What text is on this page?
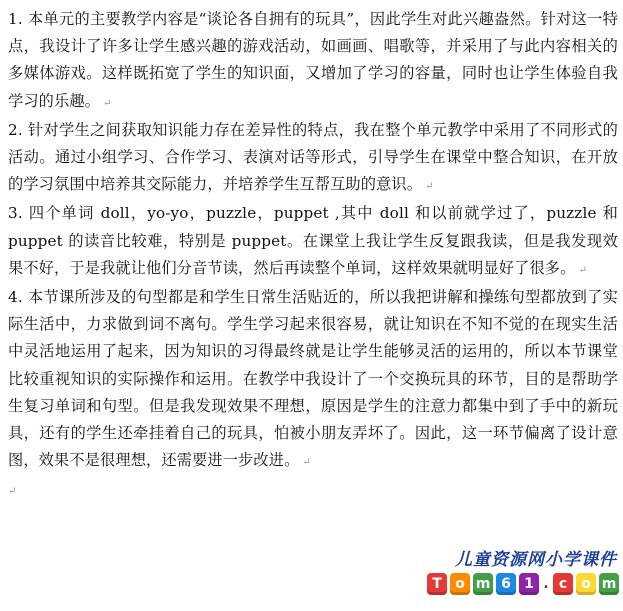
1. 本单元的主要教学内容是“谈论各自拥有的玩具”，因此学生对此兴趣盎然。针对这一特点，我设计了许多让学生感兴趣的游戏活动，如画画、唱歌等，并采用了与此内容相关的多媒体游戏。这样既拓宽了学生的知识面，又增加了学习的容量，同时也让学生体验自我学习的乐趣。 ↵

2. 针对学生之间获取知识能力存在差异性的特点，我在整个单元教学中采用了不同形式的活动。通过小组学习、合作学习、表演对话等形式，引导学生在课堂中整合知识，在开放的学习氛围中培养其交际能力，并培养学生互帮互助的意识。 ↵

3. 四个单词 doll，yo-yo，puzzle，puppet ,其中 doll 和以前就学过了，puzzle 和 puppet 的读音比较难，特别是 puppet。在课堂上我让学生反复跟我读，但是我发现效果不好，于是我就让他们分音节读，然后再读整个单词，这样效果就明显好了很多。 ↵

4. 本节课所涉及的句型都是和学生日常生活贴近的，所以我把讲解和操练句型都放到了实际生活中，力求做到词不离句。学生学习起来很容易，就让知识在不知不觉的在现实生活中灵活地运用了起来，因为知识的习得最终就是让学生能够灵活的运用的，所以本节课堂比较重视知识的实际操作和运用。在教学中我设计了一个交换玩具的环节，目的是帮助学生复习单词和句型。但是我发现效果不理想，原因是学生的注意力都集中到了手中的新玩具，还有的学生还牵挂着自己的玩具，怕被小朋友弄坏了。因此，这一环节偏离了设计意图，效果不是很理想，还需要进一步改进。 ↵

↵
儿童资源网小学课件
T o m 6 1 . c	o m
